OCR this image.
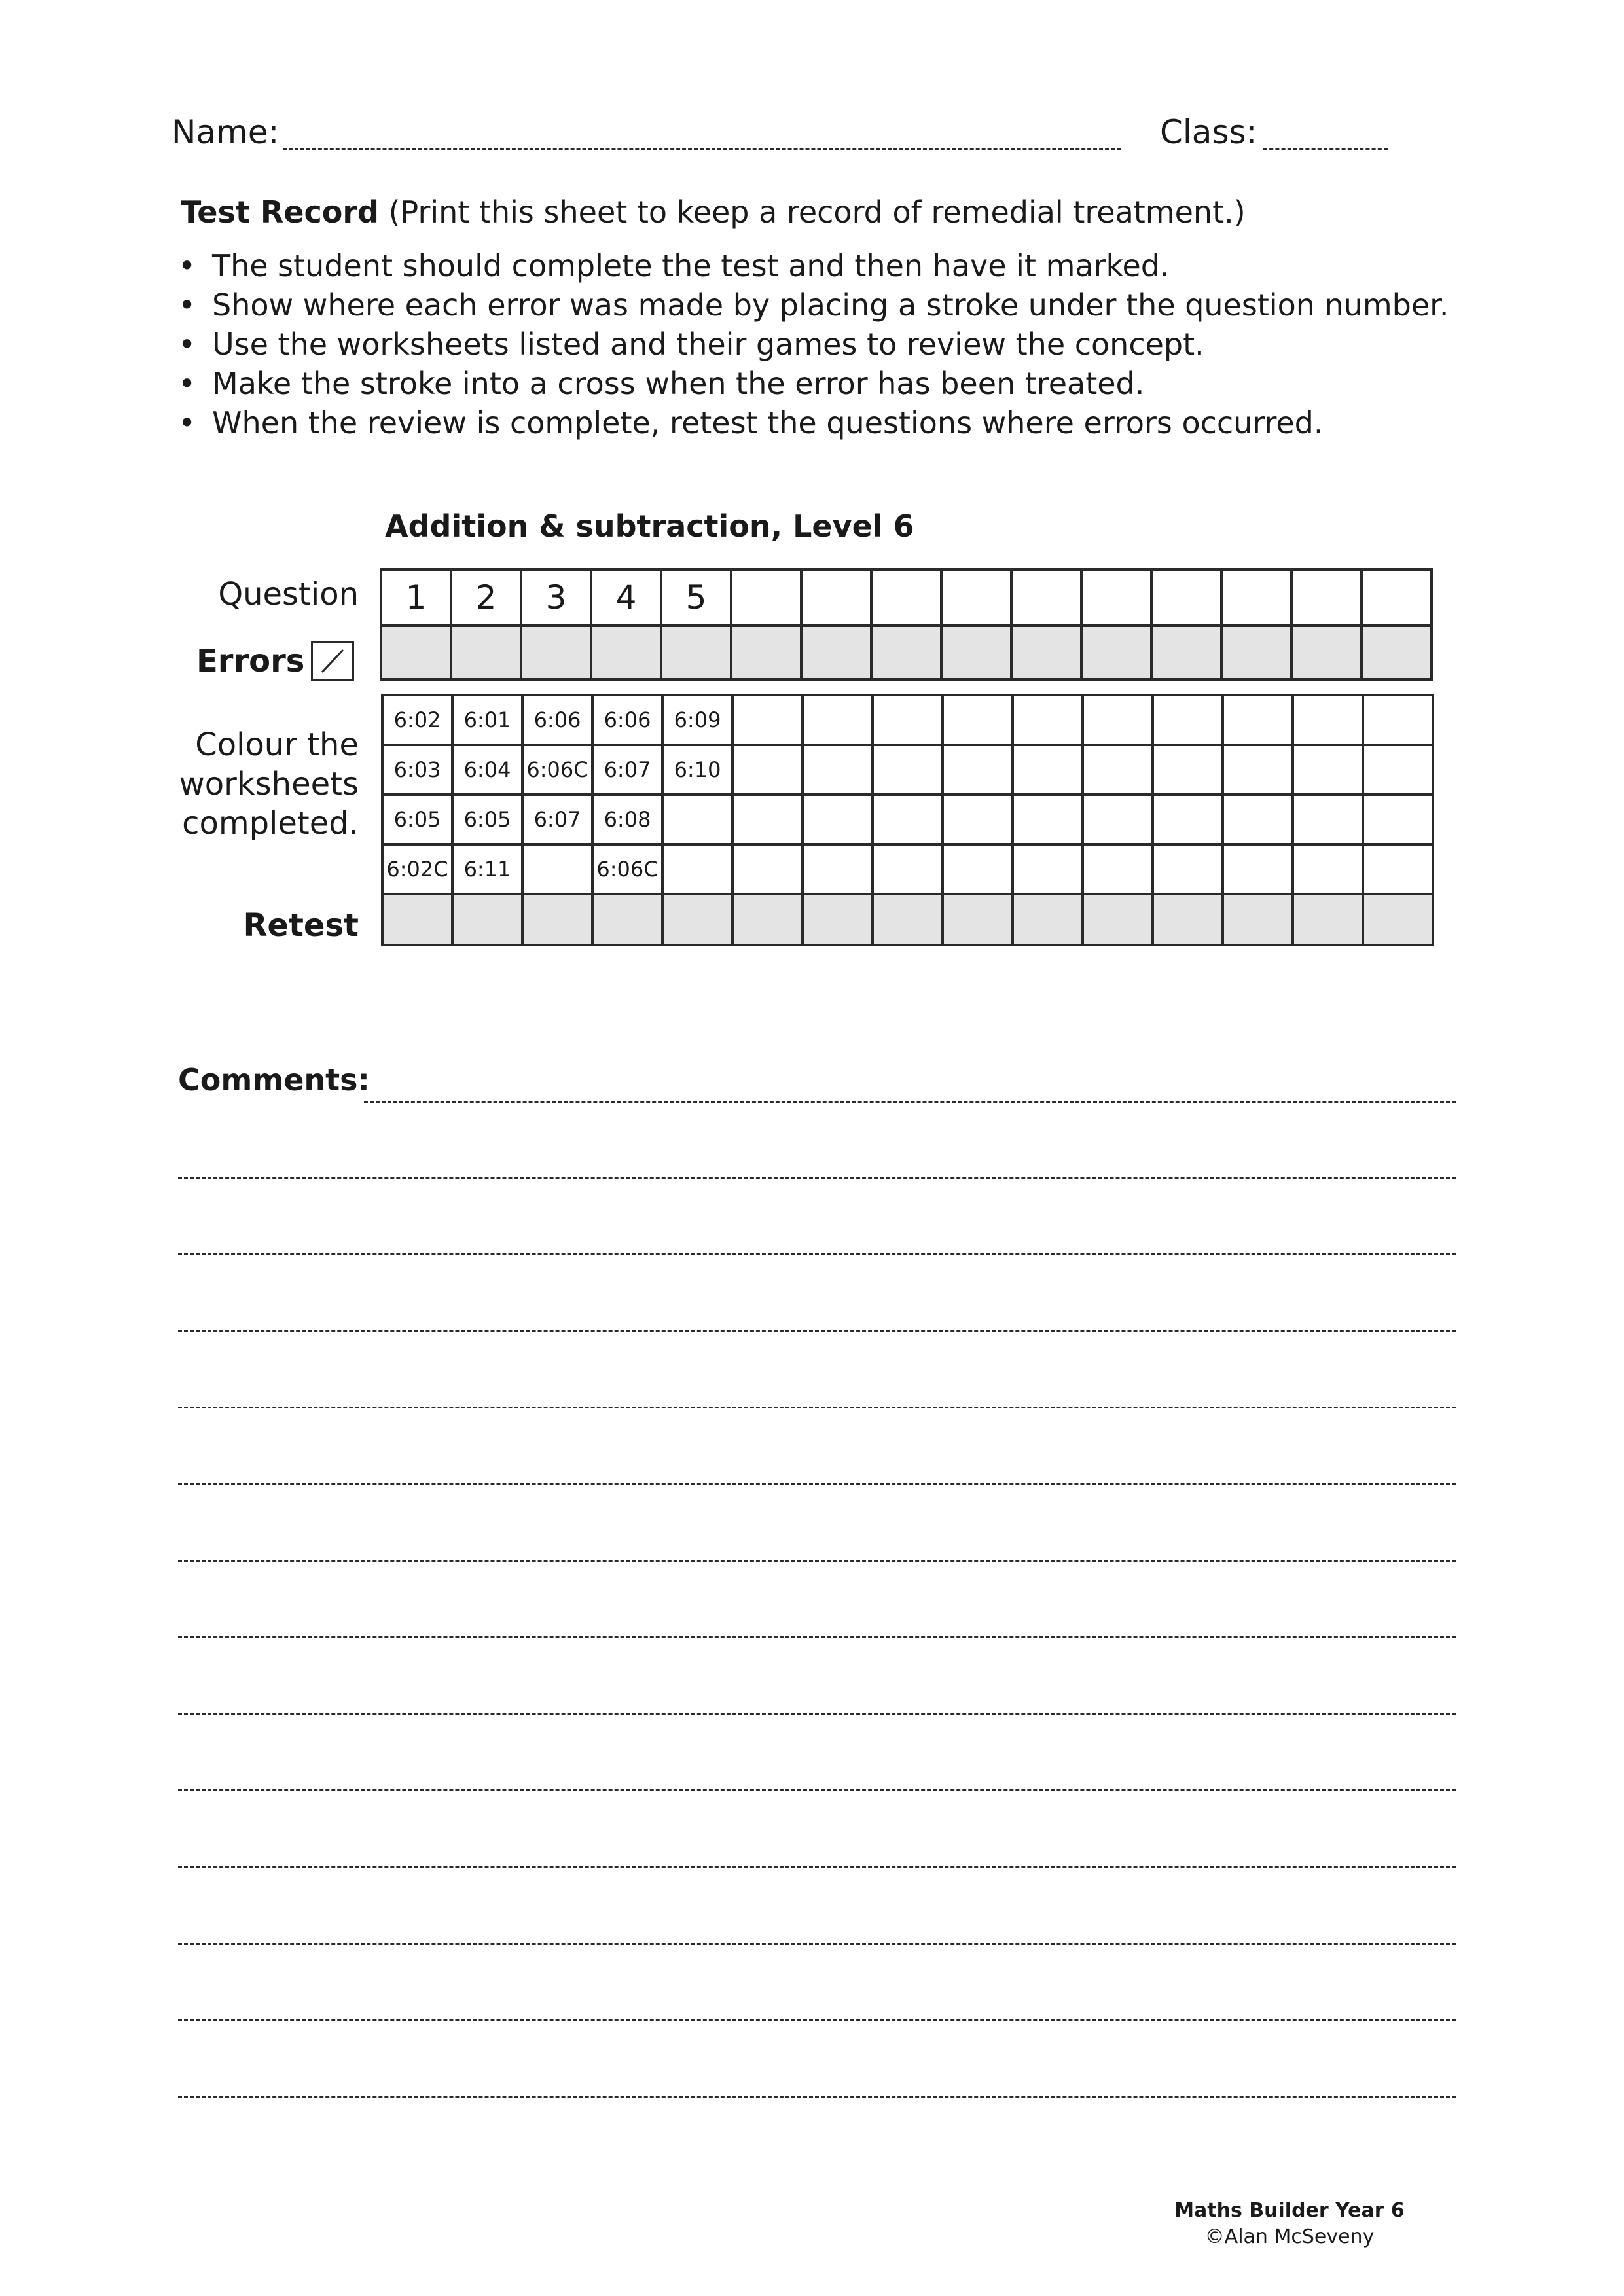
Name:	Class:
Test Record (Print this sheet to keep a record of remedial treatment.)
• The student should complete the test and then have it marked.
• Show where each error was made by placing a stroke under the question number.
• Use the worksheets listed and their games to review the concept.
• Make the stroke into a cross when the error has been treated.
• When the review is complete, retest the questions where errors occurred.
Addition & subtraction, Level 6
Question
Errors
1	2	3	4	5										

Colour the
worksheets
completed.
Retest
6:02	6:01	6:06	6:06	6:09										
6:03	6:04	6:06C	6:07	6:10										
6:05	6:05	6:07	6:08											
6:02C	6:11		6:06C											

Comments:
Maths Builder Year 6
©Alan McSeveny
